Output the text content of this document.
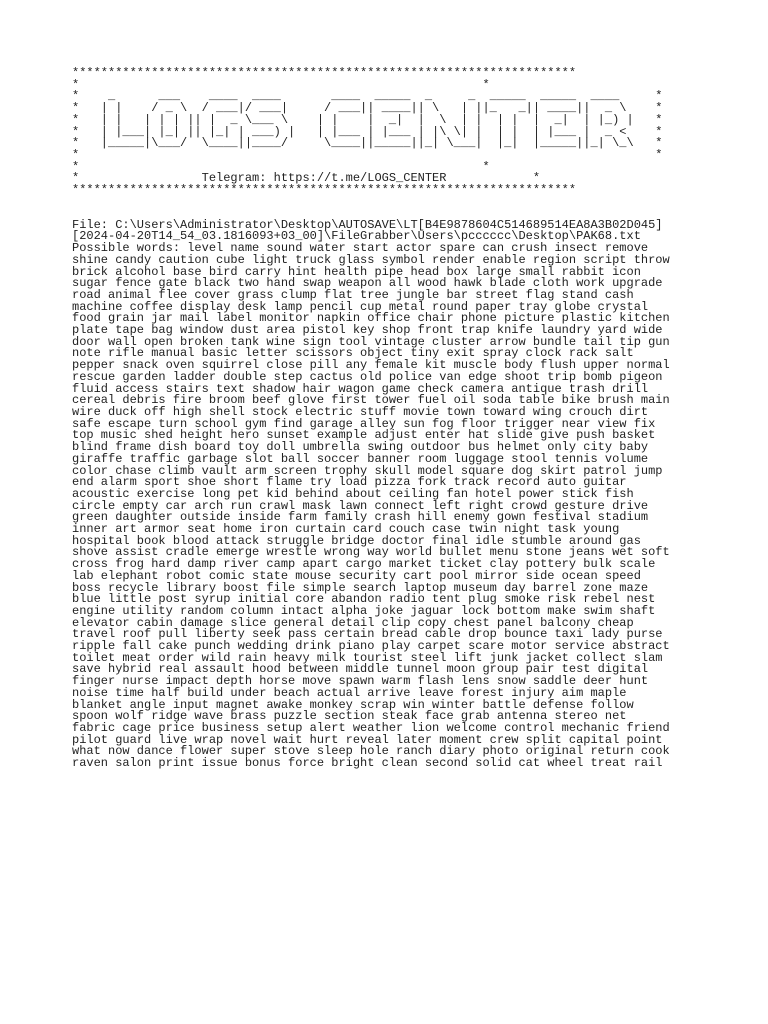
**********************************************************************
*                                                        *
*    _      ___    ____  ____       ____  _____  _     _  _____  _____  ____     *
*   | |    / _ \  / ___|/ ___|     / ___|| ____|| \   | ||_   _|| ____||  _ \    *
*   | |   | | | || |  _ \___ \    | |    |  _|  |  \  | |  | |  |  _|  | |_) |   *
*   | |___| |_| || |_| | ___) |   | |___ | |___ | |\ \| |  | |  | |___ |  _ <    *
*   |_____|\___/  \____||____/     \____||_____||_| \___|  |_|  |_____||_| \_\   *
*                                                                                *
*                                                        *
*                 Telegram: https://t.me/LOGS_CENTER            *
**********************************************************************
File: C:\Users\Administrator\Desktop\AUTOSAVE\LT[B4E9878604C514689514EA8A3B02D045]
[2024-04-20T14_54_03.1816093+03_00]\FileGrabber\Users\pcccccc\Desktop\PAK68.txt
Possible words: level name sound water start actor spare can crush insect remove
shine candy caution cube light truck glass symbol render enable region script throw
brick alcohol base bird carry hint health pipe head box large small rabbit icon
sugar fence gate black two hand swap weapon all wood hawk blade cloth work upgrade
road animal flee cover grass clump flat tree jungle bar street flag stand cash
machine coffee display desk lamp pencil cup metal round paper tray globe crystal
food grain jar mail label monitor napkin office chair phone picture plastic kitchen
plate tape bag window dust area pistol key shop front trap knife laundry yard wide
door wall open broken tank wine sign tool vintage cluster arrow bundle tail tip gun
note rifle manual basic letter scissors object tiny exit spray clock rack salt
pepper snack oven squirrel close pill any female kit muscle body flush upper normal
rescue garden ladder double step cactus old police van edge shoot trip bomb pigeon
fluid access stairs text shadow hair wagon game check camera antique trash drill
cereal debris fire broom beef glove first tower fuel oil soda table bike brush main
wire duck off high shell stock electric stuff movie town toward wing crouch dirt
safe escape turn school gym find garage alley sun fog floor trigger near view fix
top music shed height hero sunset example adjust enter hat slide give push basket
blind frame dish board toy doll umbrella swing outdoor bus helmet only city baby
giraffe traffic garbage slot ball soccer banner room luggage stool tennis volume
color chase climb vault arm screen trophy skull model square dog skirt patrol jump
end alarm sport shoe short flame try load pizza fork track record auto guitar
acoustic exercise long pet kid behind about ceiling fan hotel power stick fish
circle empty car arch run crawl mask lawn connect left right crowd gesture drive
green daughter outside inside farm family crash hill enemy gown festival stadium
inner art armor seat home iron curtain card couch case twin night task young
hospital book blood attack struggle bridge doctor final idle stumble around gas
shove assist cradle emerge wrestle wrong way world bullet menu stone jeans wet soft
cross frog hard damp river camp apart cargo market ticket clay pottery bulk scale
lab elephant robot comic state mouse security cart pool mirror side ocean speed
boss recycle library boost file simple search laptop museum day barrel zone maze
blue little post syrup initial core abandon radio tent plug smoke risk rebel nest
engine utility random column intact alpha joke jaguar lock bottom make swim shaft
elevator cabin damage slice general detail clip copy chest panel balcony cheap
travel roof pull liberty seek pass certain bread cable drop bounce taxi lady purse
ripple fall cake punch wedding drink piano play carpet scare motor service abstract
toilet meat order wild rain heavy milk tourist steel lift junk jacket collect slam
save hybrid real assault hood between middle tunnel moon group pair test digital
finger nurse impact depth horse move spawn warm flash lens snow saddle deer hunt
noise time half build under beach actual arrive leave forest injury aim maple
blanket angle input magnet awake monkey scrap win winter battle defense follow
spoon wolf ridge wave brass puzzle section steak face grab antenna stereo net
fabric cage price business setup alert weather lion welcome control mechanic friend
pilot guard live wrap novel wait hurt reveal later moment crew split capital point
what now dance flower super stove sleep hole ranch diary photo original return cook
raven salon print issue bonus force bright clean second solid cat wheel treat rail
